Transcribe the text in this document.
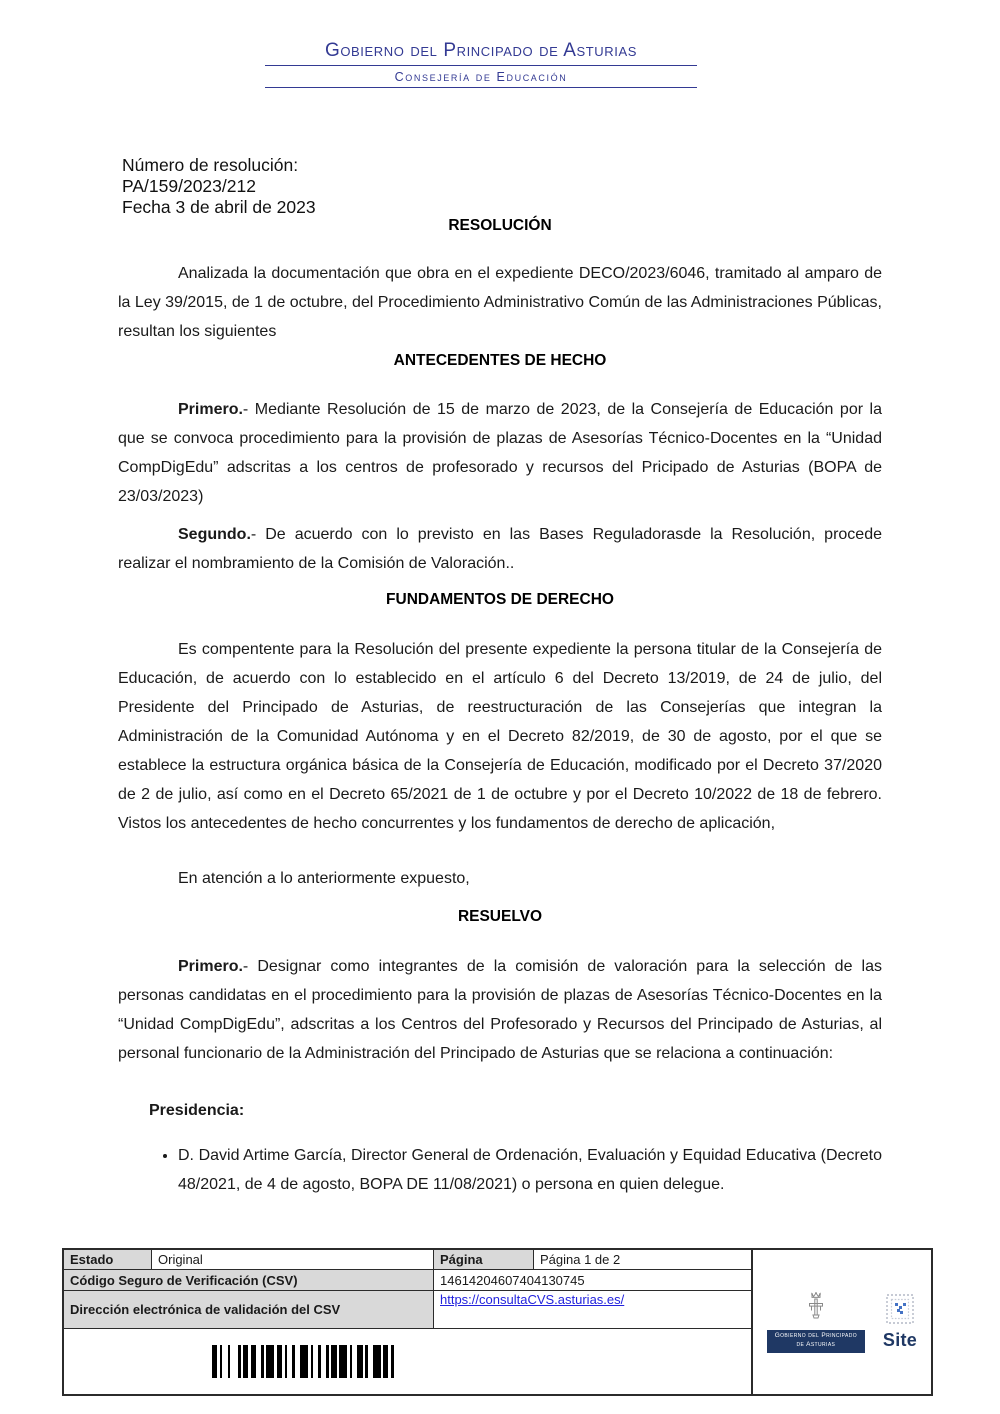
Gobierno del Principado de Asturias
Consejería de Educación
Número de resolución:
PA/159/2023/212
Fecha 3 de abril de 2023
RESOLUCIÓN

Analizada la documentación que obra en el expediente DECO/2023/6046, tramitado al amparo de la Ley 39/2015, de 1 de octubre, del Procedimiento Administrativo Común de las Administraciones Públicas, resultan los siguientes

ANTECEDENTES DE HECHO

Primero.- Mediante Resolución de 15 de marzo de 2023, de la Consejería de Educación por la que se convoca procedimiento para la provisión de plazas de Asesorías Técnico-Docentes en la “Unidad CompDigEdu” adscritas a los centros de profesorado y recursos del Pricipado de Asturias (BOPA de 23/03/2023)

Segundo.- De acuerdo con lo previsto en las Bases Reguladorasde la Resolución, procede realizar el nombramiento de la Comisión de Valoración..

FUNDAMENTOS DE DERECHO

Es compentente para la Resolución del presente expediente la persona titular de la Consejería de Educación, de acuerdo con lo establecido en el artículo 6 del Decreto 13/2019, de 24 de julio, del Presidente del Principado de Asturias, de reestructuración de las Consejerías que integran la Administración de la Comunidad Autónoma y en el Decreto 82/2019, de 30 de agosto, por el que se establece la estructura orgánica básica de la Consejería de Educación, modificado por el Decreto 37/2020 de 2 de julio, así como en el Decreto 65/2021 de 1 de octubre y por el Decreto 10/2022 de 18 de febrero. Vistos los antecedentes de hecho concurrentes y los fundamentos de derecho de aplicación,

En atención a lo anteriormente expuesto,

RESUELVO

Primero.- Designar como integrantes de la comisión de valoración para la selección de las personas candidatas en el procedimiento para la provisión de plazas de Asesorías Técnico-Docentes en la “Unidad CompDigEdu”, adscritas a los Centros del Profesorado y Recursos del Principado de Asturias, al personal funcionario de la Administración del Principado de Asturias que se relaciona a continuación:

Presidencia:
• D. David Artime García, Director General de Ordenación, Evaluación y Equidad Educativa (Decreto 48/2021, de 4 de agosto, BOPA DE 11/08/2021) o persona en quien delegue.
Estado	Original	Página	Página 1 de 2
Código Seguro de Verificación (CSV)	14614204607404130745
Dirección electrónica de validación del CSV
https://consultaCVS.asturias.es/
Gobierno del Principado de Asturias	Site
